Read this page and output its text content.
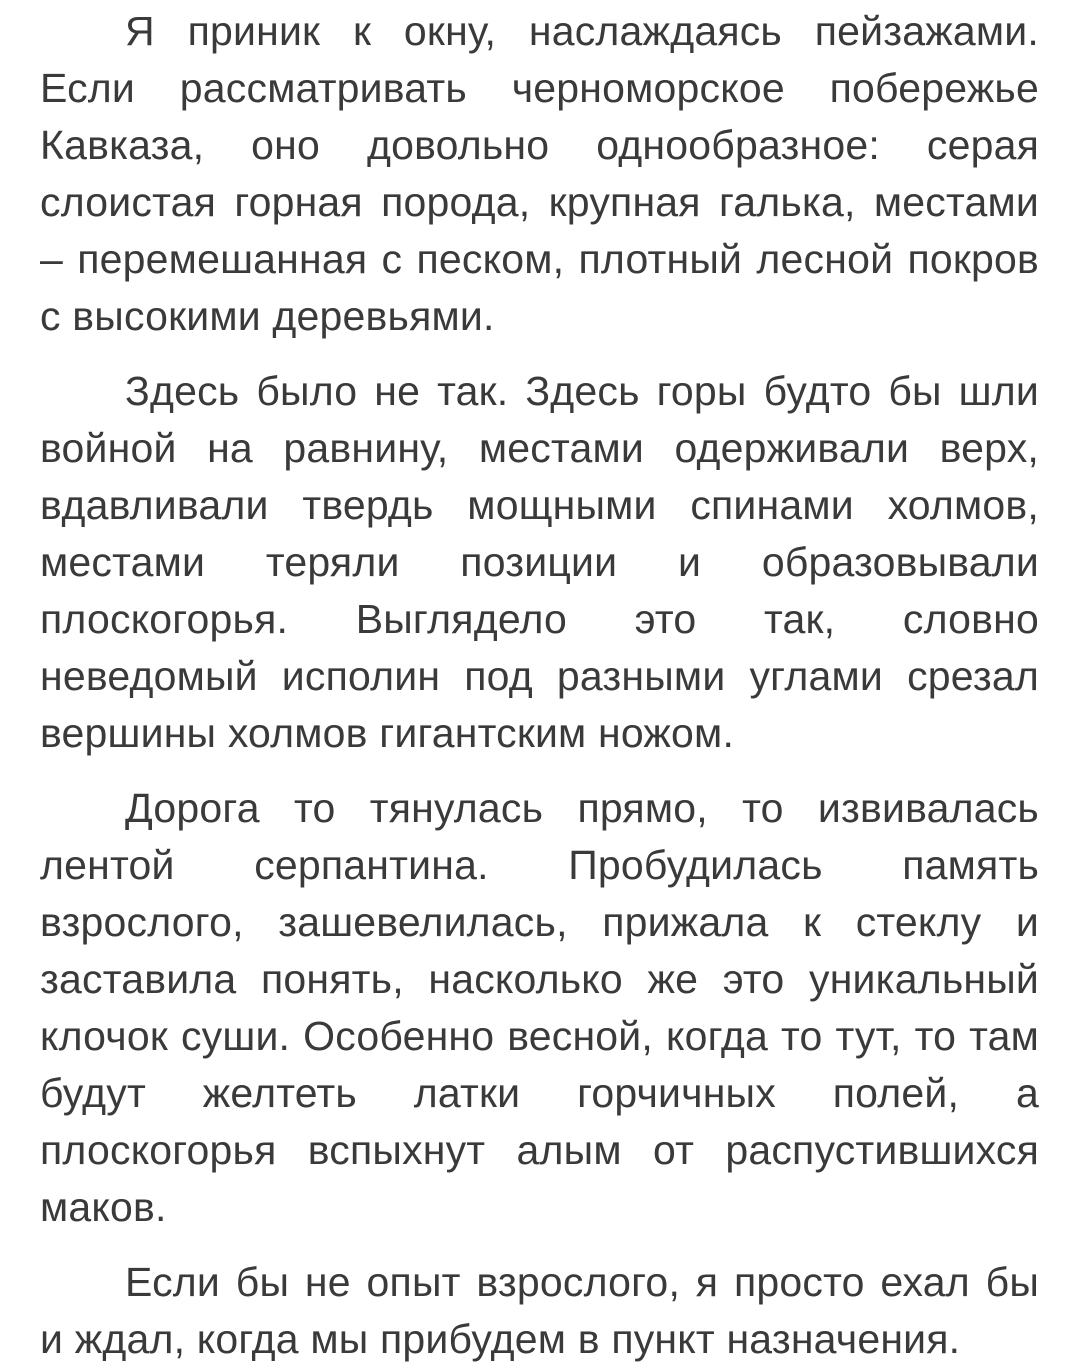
Я приник к окну, наслаждаясь пейзажами. Если рассматривать черноморское побережье Кавказа, оно довольно однообразное: серая слоистая горная порода, крупная галька, местами – перемешанная с песком, плотный лесной покров с высокими деревьями.

Здесь было не так. Здесь горы будто бы шли войной на равнину, местами одерживали верх, вдавливали твердь мощными спинами холмов, местами теряли позиции и образовывали плоскогорья. Выглядело это так, словно неведомый исполин под разными углами срезал вершины холмов гигантским ножом.

Дорога то тянулась прямо, то извивалась лентой серпантина. Пробудилась память взрослого, зашевелилась, прижала к стеклу и заставила понять, насколько же это уникальный клочок суши. Особенно весной, когда то тут, то там будут желтеть латки горчичных полей, а плоскогорья вспыхнут алым от распустившихся маков.

Если бы не опыт взрослого, я просто ехал бы и ждал, когда мы прибудем в пункт назначения.
